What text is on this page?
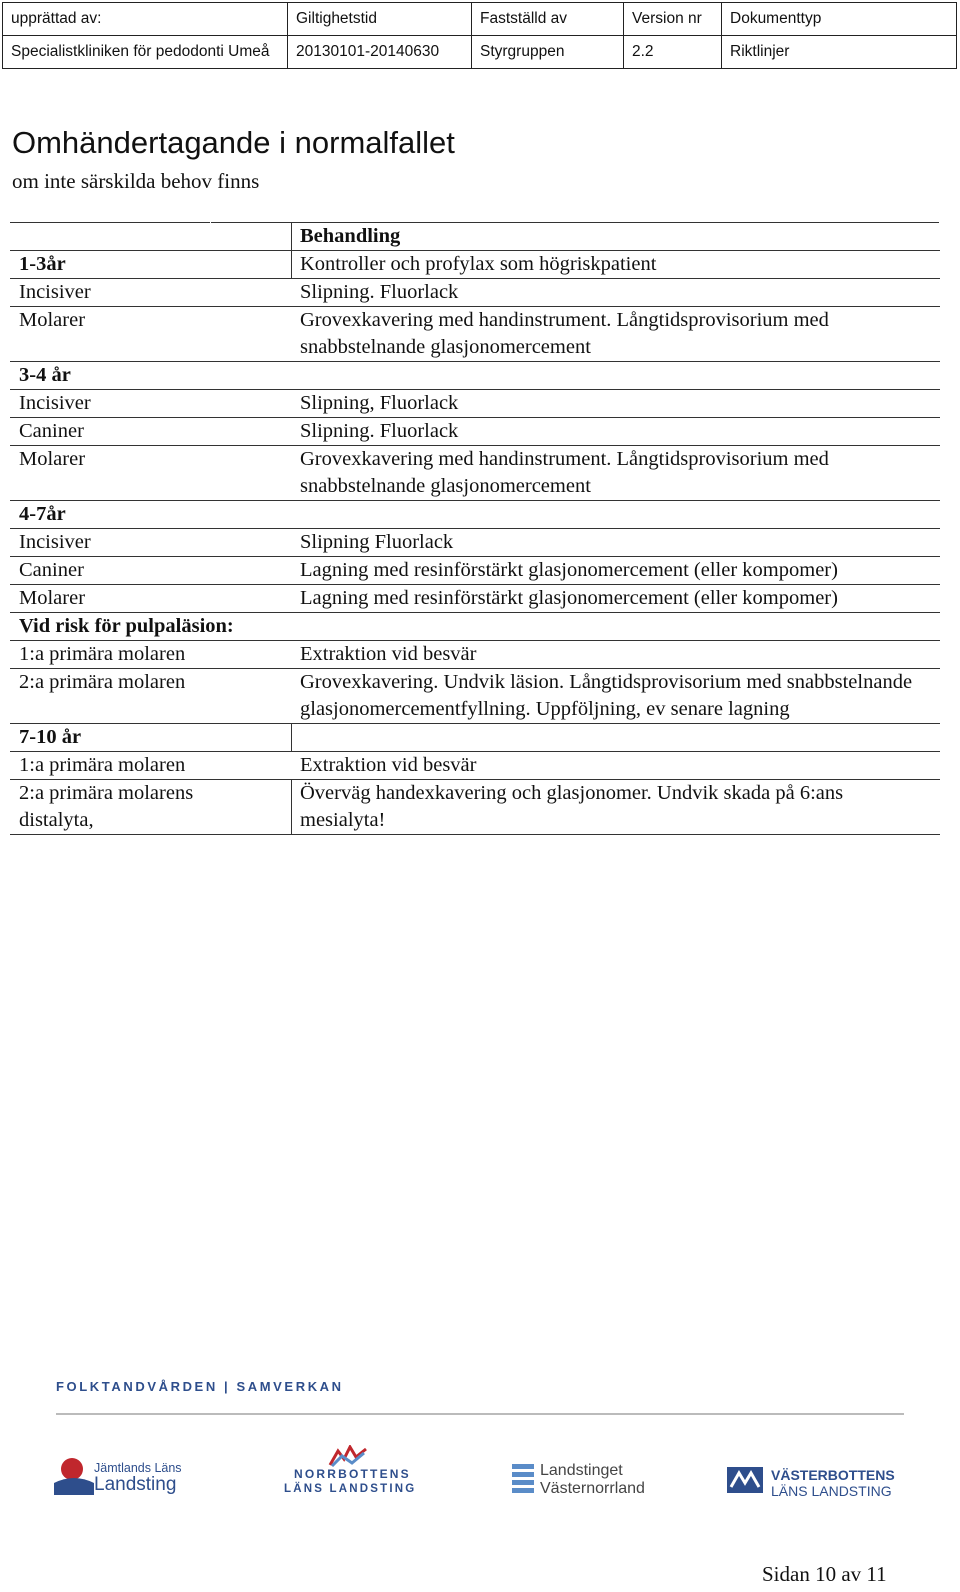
upprättad av:	Giltighetstid	Fastställd av	Version nr	Dokumenttyp
Specialistkliniken för pedodonti Umeå	20130101-20140630	Styrgruppen	2.2	Riktlinjer
Omhändertagande i normalfallet
om inte särskilda behov finns
		Behandling
1-3år		Kontroller och profylax som högriskpatient
Incisiver		Slipning. Fluorlack
Molarer		Grovexkavering med handinstrument. Långtidsprovisorium med snabbstelnande glasjonomercement
3-4 år		
Incisiver		Slipning, Fluorlack
Caniner		Slipning. Fluorlack
Molarer		Grovexkavering med handinstrument. Långtidsprovisorium med snabbstelnande glasjonomercement
4-7år		
Incisiver		Slipning Fluorlack
Caniner		Lagning med resinförstärkt glasjonomercement (eller kompomer)
Molarer		Lagning med resinförstärkt glasjonomercement (eller kompomer)
Vid risk för pulpaläsion:		
1:a primära molaren		Extraktion vid besvär
2:a primära molaren		Grovexkavering. Undvik läsion. Långtidsprovisorium med snabbstelnande glasjonomercementfyllning. Uppföljning, ev senare lagning
7-10 år		
1:a primära molaren		Extraktion vid besvär
2:a primära molarens distalyta,		Överväg handexkavering och glasjonomer. Undvik skada på 6:ans mesialyta!
FOLKTANDVÅRDEN | SAMVERKAN
Jämtlands Läns
Landsting	NORRBOTTENS
LÄNS LANDSTING
Landstinget
Västernorrland
VÄSTERBOTTENS
LÄNS LANDSTING
Sidan 10 av 11
